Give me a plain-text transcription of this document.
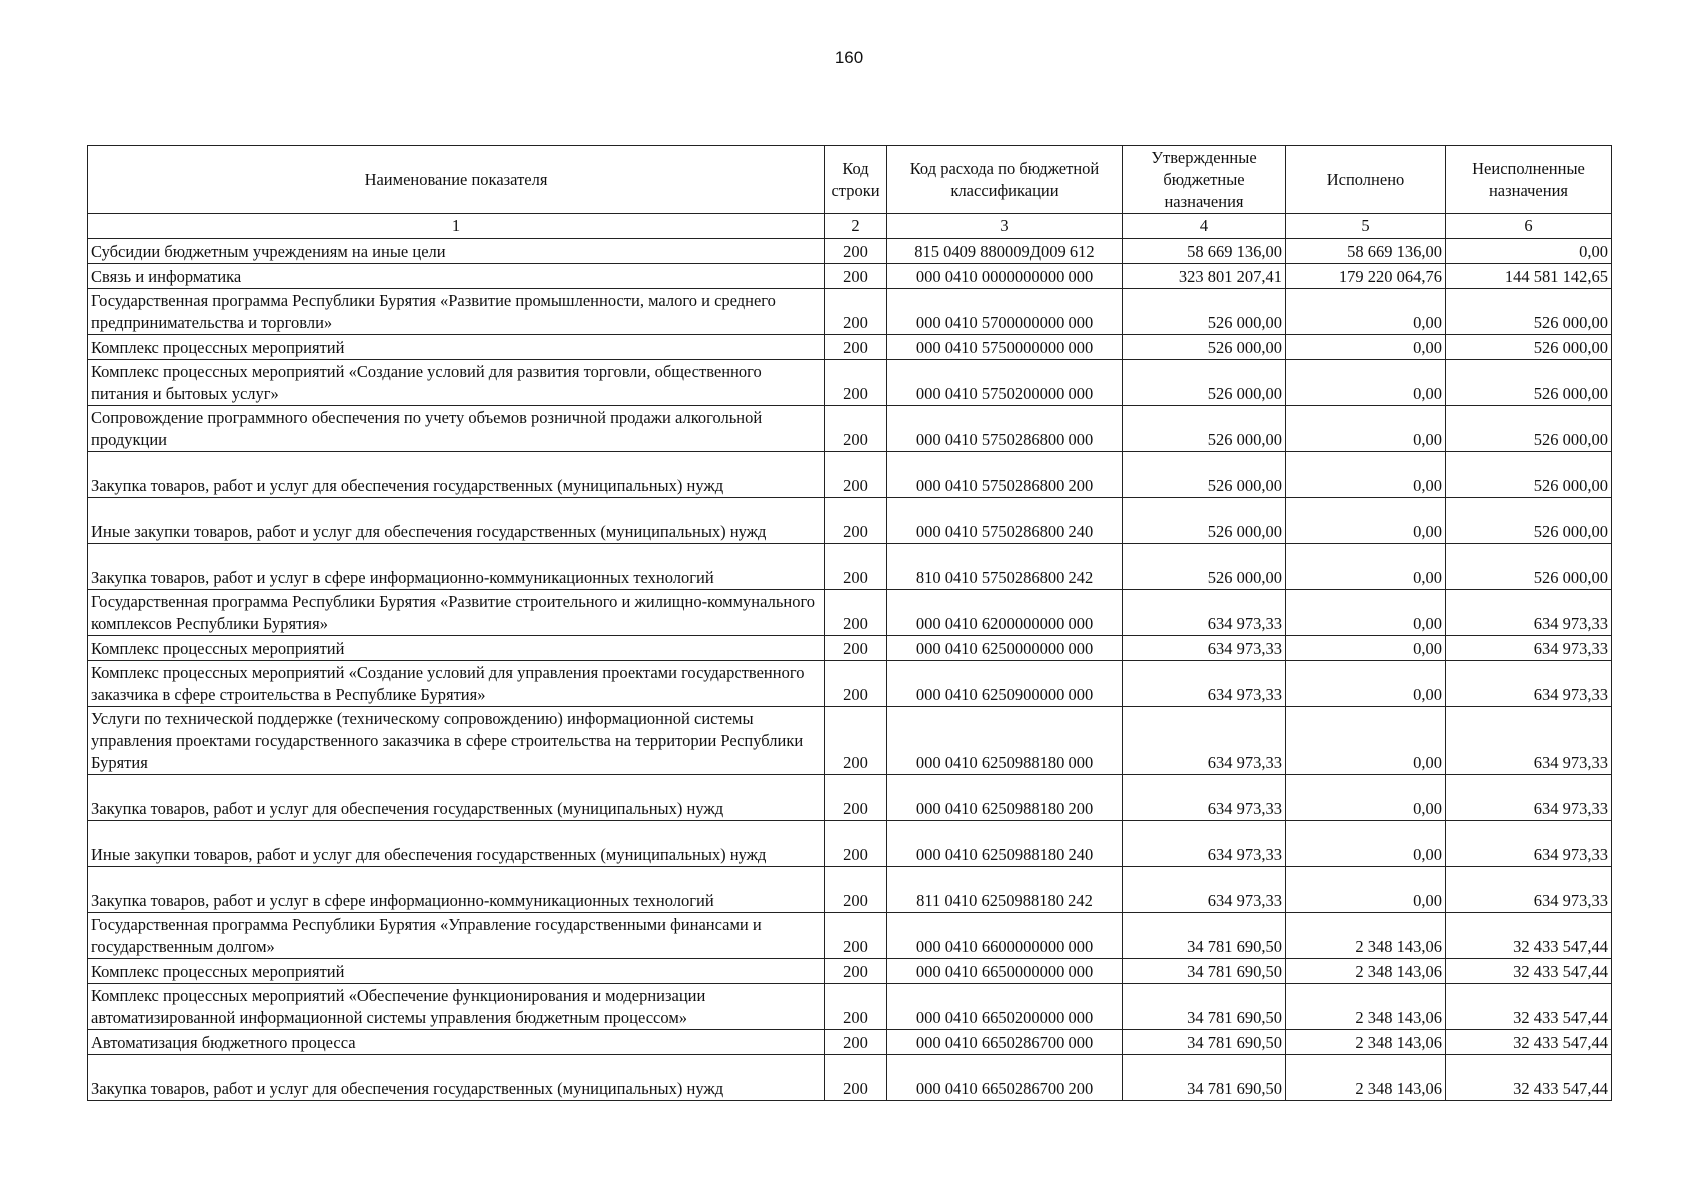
160
Наименование показателя	Код строки	Код расхода по бюджетной классификации	Утвержденные бюджетные назначения	Исполнено	Неисполненные назначения
1	2	3	4	5	6
Субсидии бюджетным учреждениям на иные цели	200	815 0409 880009Д009 612	58 669 136,00	58 669 136,00	0,00
Связь и информатика	200	000 0410 0000000000 000	323 801 207,41	179 220 064,76	144 581 142,65
Государственная программа Республики Бурятия «Развитие промышленности, малого и среднего предпринимательства и торговли»	200	000 0410 5700000000 000	526 000,00	0,00	526 000,00
Комплекс процессных мероприятий	200	000 0410 5750000000 000	526 000,00	0,00	526 000,00
Комплекс процессных мероприятий «Создание условий для развития торговли, общественного питания и бытовых услуг»	200	000 0410 5750200000 000	526 000,00	0,00	526 000,00
Сопровождение программного обеспечения по учету объемов розничной продажи алкогольной продукции	200	000 0410 5750286800 000	526 000,00	0,00	526 000,00
Закупка товаров, работ и услуг для обеспечения государственных (муниципальных) нужд	200	000 0410 5750286800 200	526 000,00	0,00	526 000,00
Иные закупки товаров, работ и услуг для обеспечения государственных (муниципальных) нужд	200	000 0410 5750286800 240	526 000,00	0,00	526 000,00
Закупка товаров, работ и услуг в сфере информационно-коммуникационных технологий	200	810 0410 5750286800 242	526 000,00	0,00	526 000,00
Государственная программа Республики Бурятия «Развитие строительного и жилищно-коммунального комплексов Республики Бурятия»	200	000 0410 6200000000 000	634 973,33	0,00	634 973,33
Комплекс процессных мероприятий	200	000 0410 6250000000 000	634 973,33	0,00	634 973,33
Комплекс процессных мероприятий «Создание условий для управления проектами государственного заказчика в сфере строительства в Республике Бурятия»	200	000 0410 6250900000 000	634 973,33	0,00	634 973,33
Услуги по технической поддержке (техническому сопровождению) информационной системы управления проектами государственного заказчика в сфере строительства на территории Республики Бурятия	200	000 0410 6250988180 000	634 973,33	0,00	634 973,33
Закупка товаров, работ и услуг для обеспечения государственных (муниципальных) нужд	200	000 0410 6250988180 200	634 973,33	0,00	634 973,33
Иные закупки товаров, работ и услуг для обеспечения государственных (муниципальных) нужд	200	000 0410 6250988180 240	634 973,33	0,00	634 973,33
Закупка товаров, работ и услуг в сфере информационно-коммуникационных технологий	200	811 0410 6250988180 242	634 973,33	0,00	634 973,33
Государственная программа Республики Бурятия «Управление государственными финансами и государственным долгом»	200	000 0410 6600000000 000	34 781 690,50	2 348 143,06	32 433 547,44
Комплекс процессных мероприятий	200	000 0410 6650000000 000	34 781 690,50	2 348 143,06	32 433 547,44
Комплекс процессных мероприятий «Обеспечение функционирования и модернизации автоматизированной информационной системы управления бюджетным процессом»	200	000 0410 6650200000 000	34 781 690,50	2 348 143,06	32 433 547,44
Автоматизация бюджетного процесса	200	000 0410 6650286700 000	34 781 690,50	2 348 143,06	32 433 547,44
Закупка товаров, работ и услуг для обеспечения государственных (муниципальных) нужд	200	000 0410 6650286700 200	34 781 690,50	2 348 143,06	32 433 547,44
